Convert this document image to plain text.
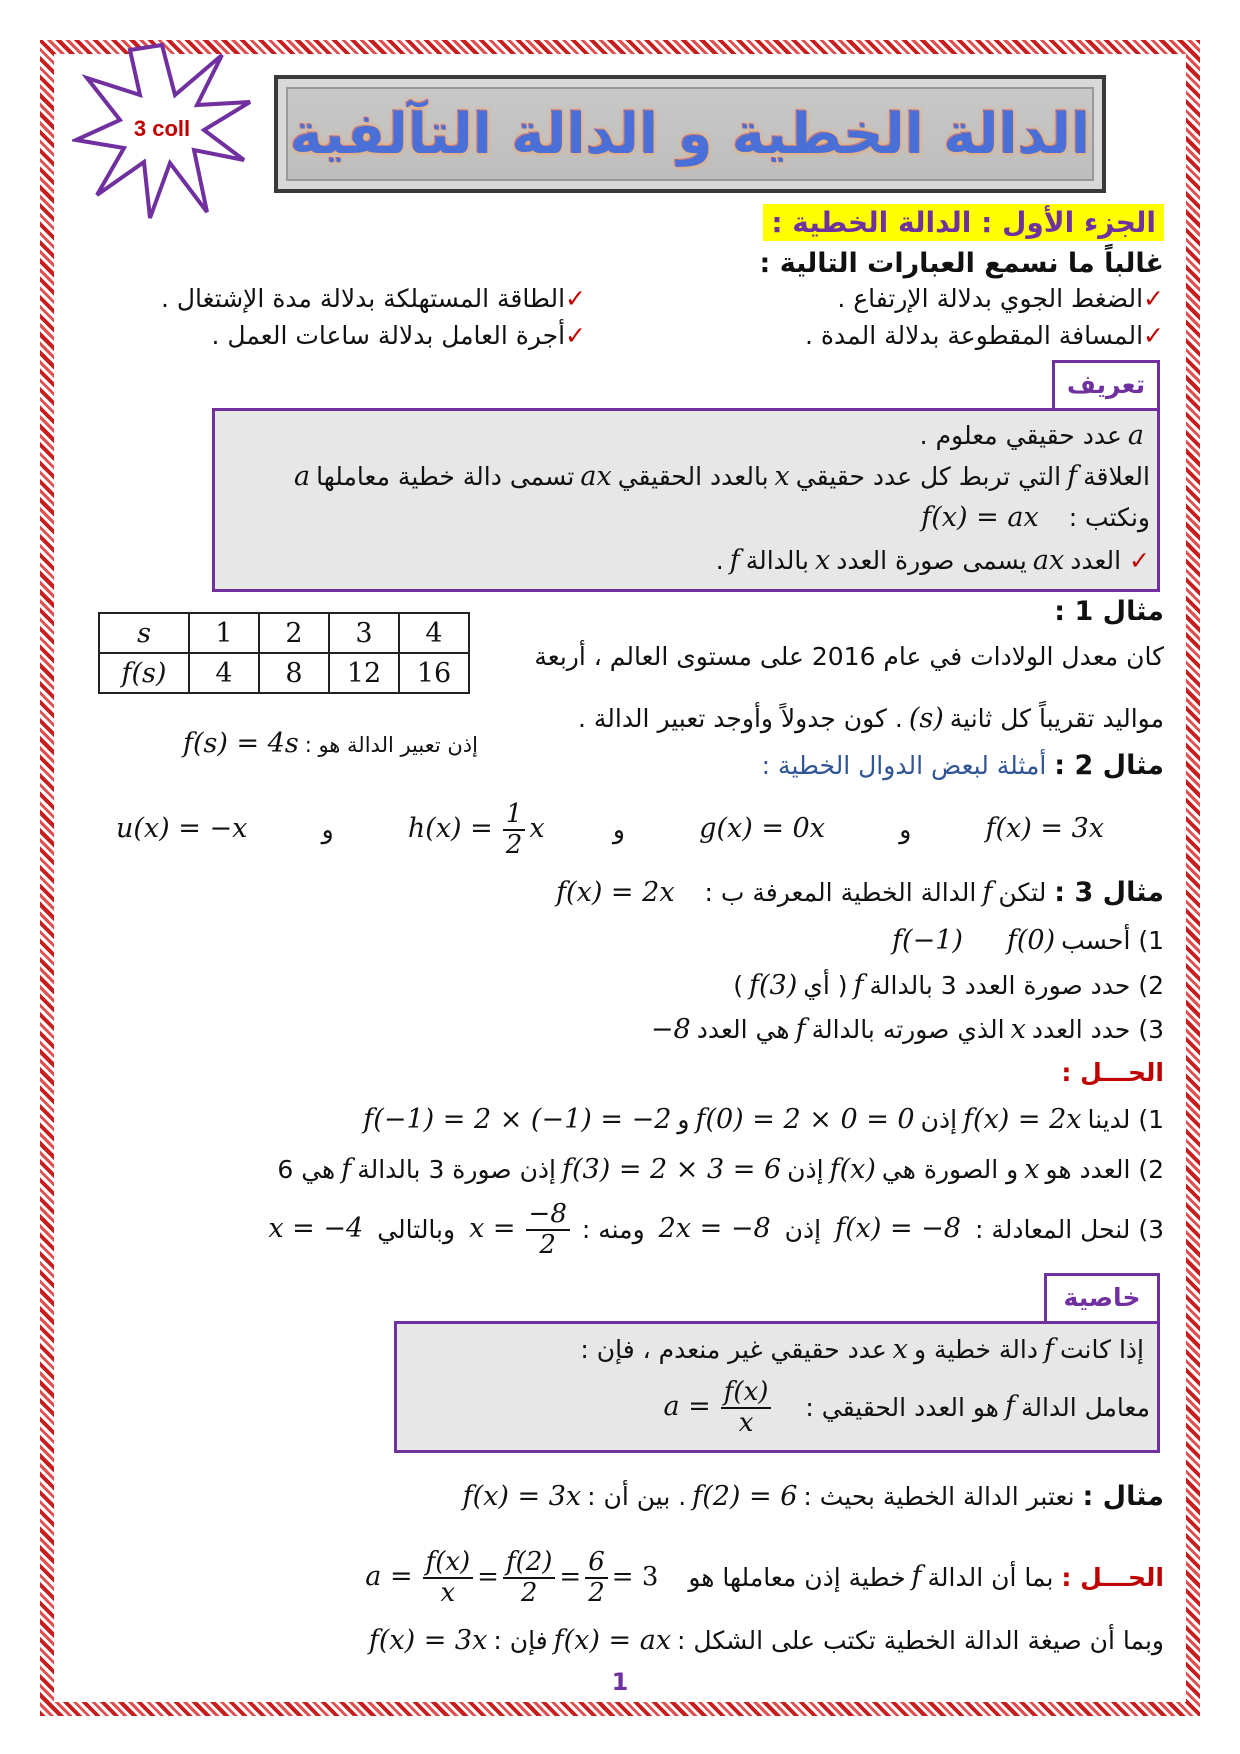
3 coll	الدالة الخطية و الدالة التآلفية
الجزء الأول : الدالة الخطية :
غالباً ما نسمع العبارات التالية :
✓الضغط الجوي بدلالة الإرتفاع .
✓الطاقة المستهلكة بدلالة مدة الإشتغال .
✓المسافة المقطوعة بدلالة المدة .
✓أجرة العامل بدلالة ساعات العمل .
تعريف
aعدد حقيقي معلوم .
العلاقةfالتي تربط كل عدد حقيقيxبالعدد الحقيقيaxتسمى دالة خطية معاملهاa
ونكتب :f(x) = ax
✓ العددaxيسمى صورة العددxبالدالةf.
مثال 1 :
كان معدل الولادات في عام 2016 على مستوى العالم ، أربعة
مواليد تقريباً كل ثانية(s). كون جدولاً وأوجد تعبير الدالة .
s	1	2	3	4
f(s)	4	8	12	16
إذن تعبير الدالة هو :f(s) = 4s
مثال 2 : أمثلة لبعض الدوال الخطية :
f(x) = 3x
و
g(x) = 0x
و
$h(x) = \frac{1}{2}$ x
و
u(x) = −x
مثال 3 : لتكنfالدالة الخطية المعرفة ب :f(x) = 2x
1) أحسبf(0) f(−1)
2) حدد صورة العدد 3 بالدالةf( أيf(3))
3) حدد العددxالذي صورته بالدالةfهي العدد−8
الحـــل :
1) لديناf(x) = 2xإذنf(0) = 2 × 0 = 0وf(−1) = 2 × (−1) = −2
2) العدد هوxو الصورة هيf(x)إذنf(3) = 2 × 3 = 6إذن صورة 3 بالدالةfهي 6
3) لنحل المعادلة :
f(x) = −8
إذن
2x = −8
ومنه :
$x = \frac{-8}{2}$
وبالتالي
x = −4
خاصية
إذا كانتfدالة خطية وxعدد حقيقي غير منعدم ، فإن :
معامل الدالة
f
هو العدد الحقيقي :
$a = \frac{f(x)}{x}$
مثال : نعتبر الدالة الخطية بحيث :f(2) = 6. بين أن :f(x) = 3x
الحـــل :

بما أن الدالة
f
خطية إذن معاملها هو
$a = \frac{f(x)}{x} = \frac{f(2)}{2} = \frac{6}{2} = 3$
وبما أن صيغة الدالة الخطية تكتب على الشكل :f(x) = axفإن :f(x) = 3x
1
